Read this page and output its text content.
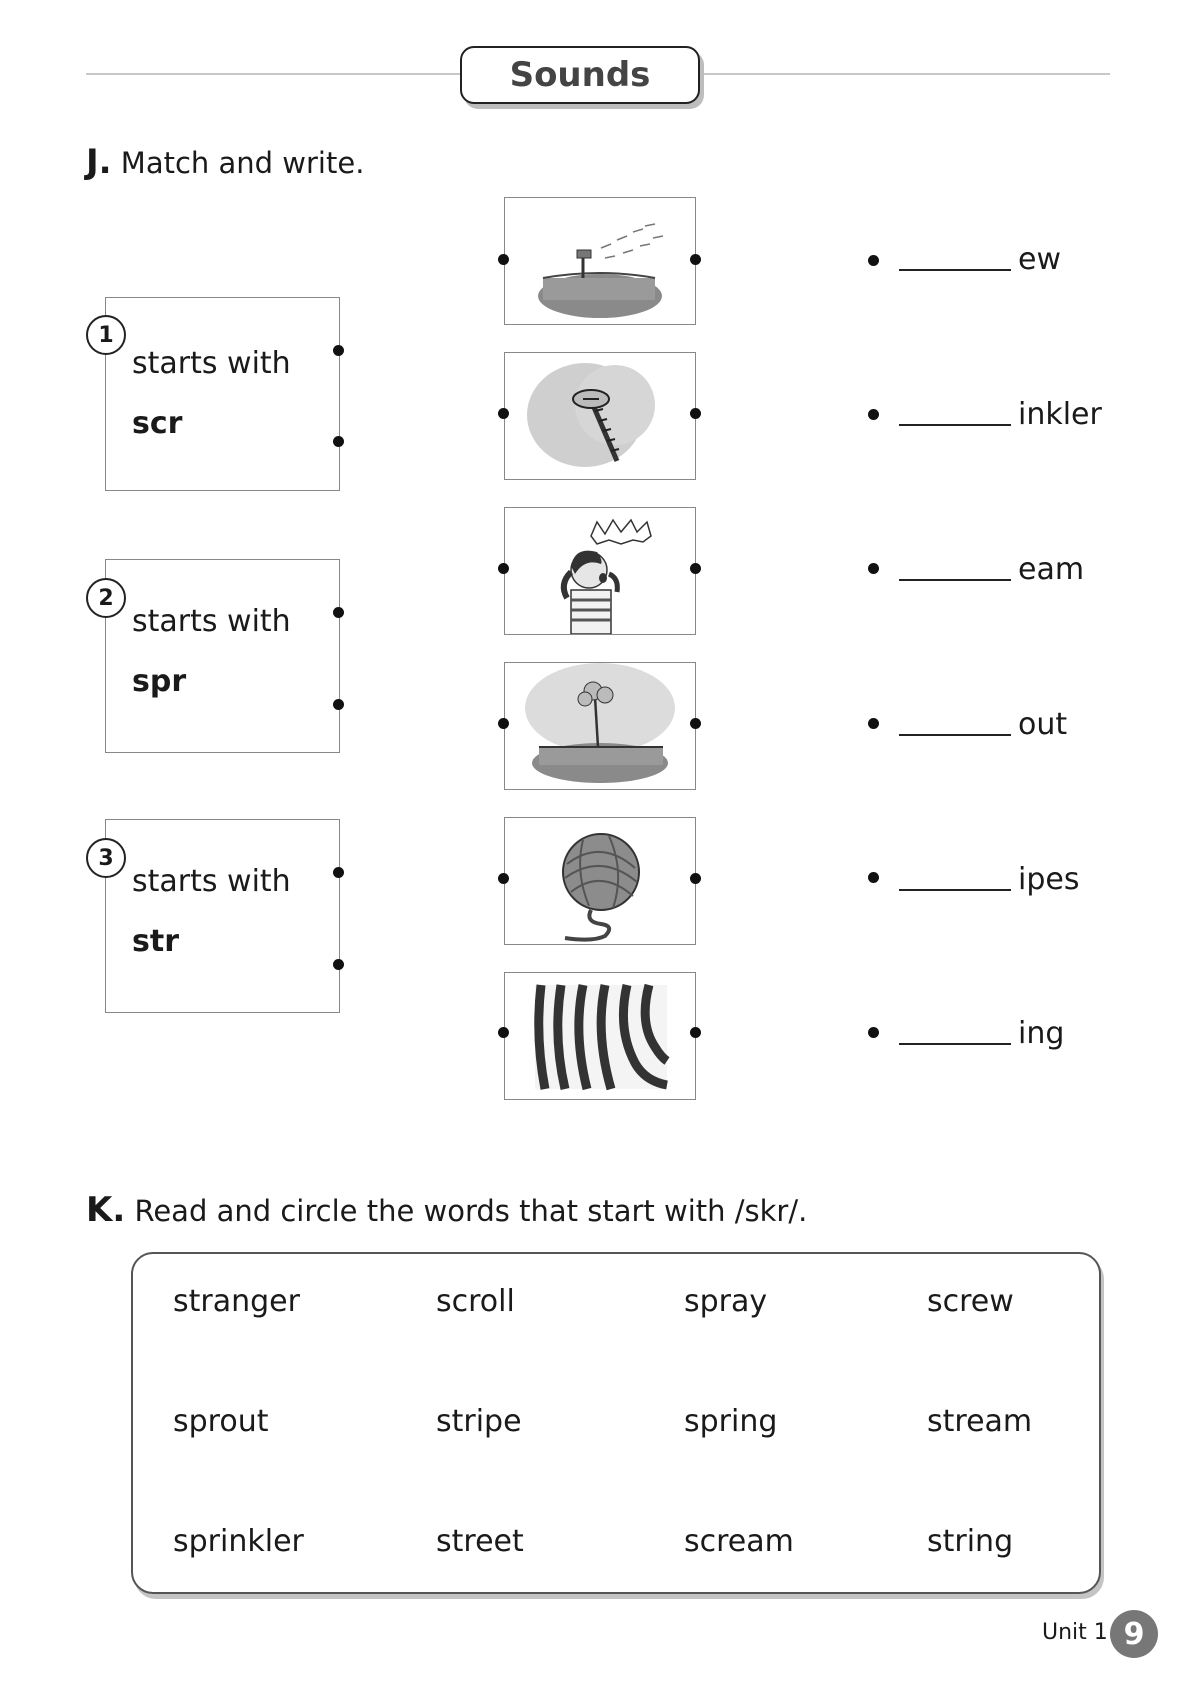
Sounds
J. Match and write.
starts with
scr
1
starts with
spr
2
starts with
str
3
ew
inkler
eam
out
ipes
ing
K. Read and circle the words that start with /skr/.
stranger	scroll	spray	screw
sprout	stripe	spring	stream
sprinkler	street	scream	string
Unit 1 9
